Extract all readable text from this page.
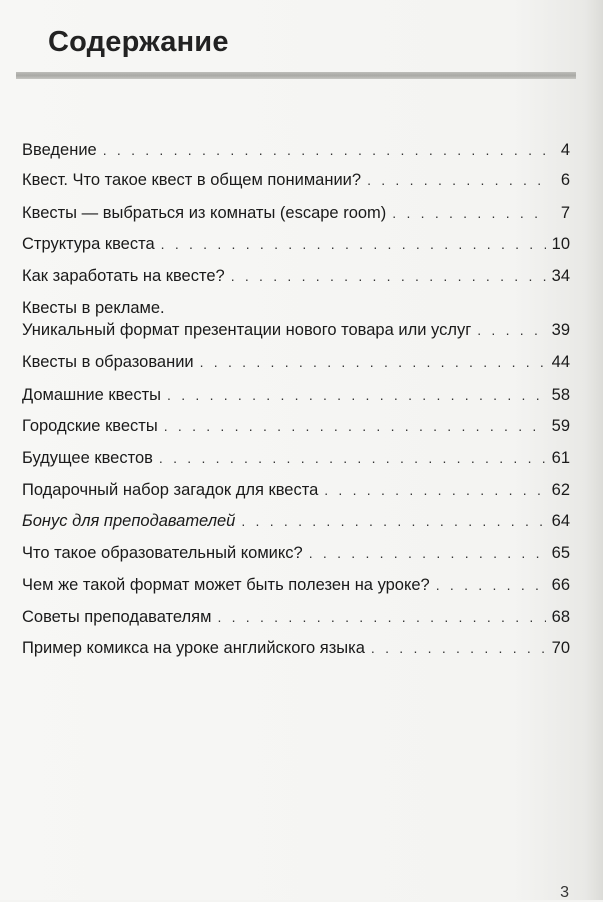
Содержание
Введение . . .	4
Квест. Что такое квест в общем понимании? . . .	6
Квесты — выбраться из комнаты (escape room) . . .	7
Структура квеста . . .	10
Как заработать на квесте? . . .	34
Квесты в рекламе.
Уникальный формат презентации нового товара или услуг . . .	39
Квесты в образовании . . .	44
Домашние квесты . . .	58
Городские квесты . . .	59
Будущее квестов . . .	61
Подарочный набор загадок для квеста . . .	62
Бонус для преподавателей . . .	64
Что такое образовательный комикс? . . .	65
Чем же такой формат может быть полезен на уроке? . . .	66
Советы преподавателям . . .	68
Пример комикса на уроке английского языка . . .	70
3
